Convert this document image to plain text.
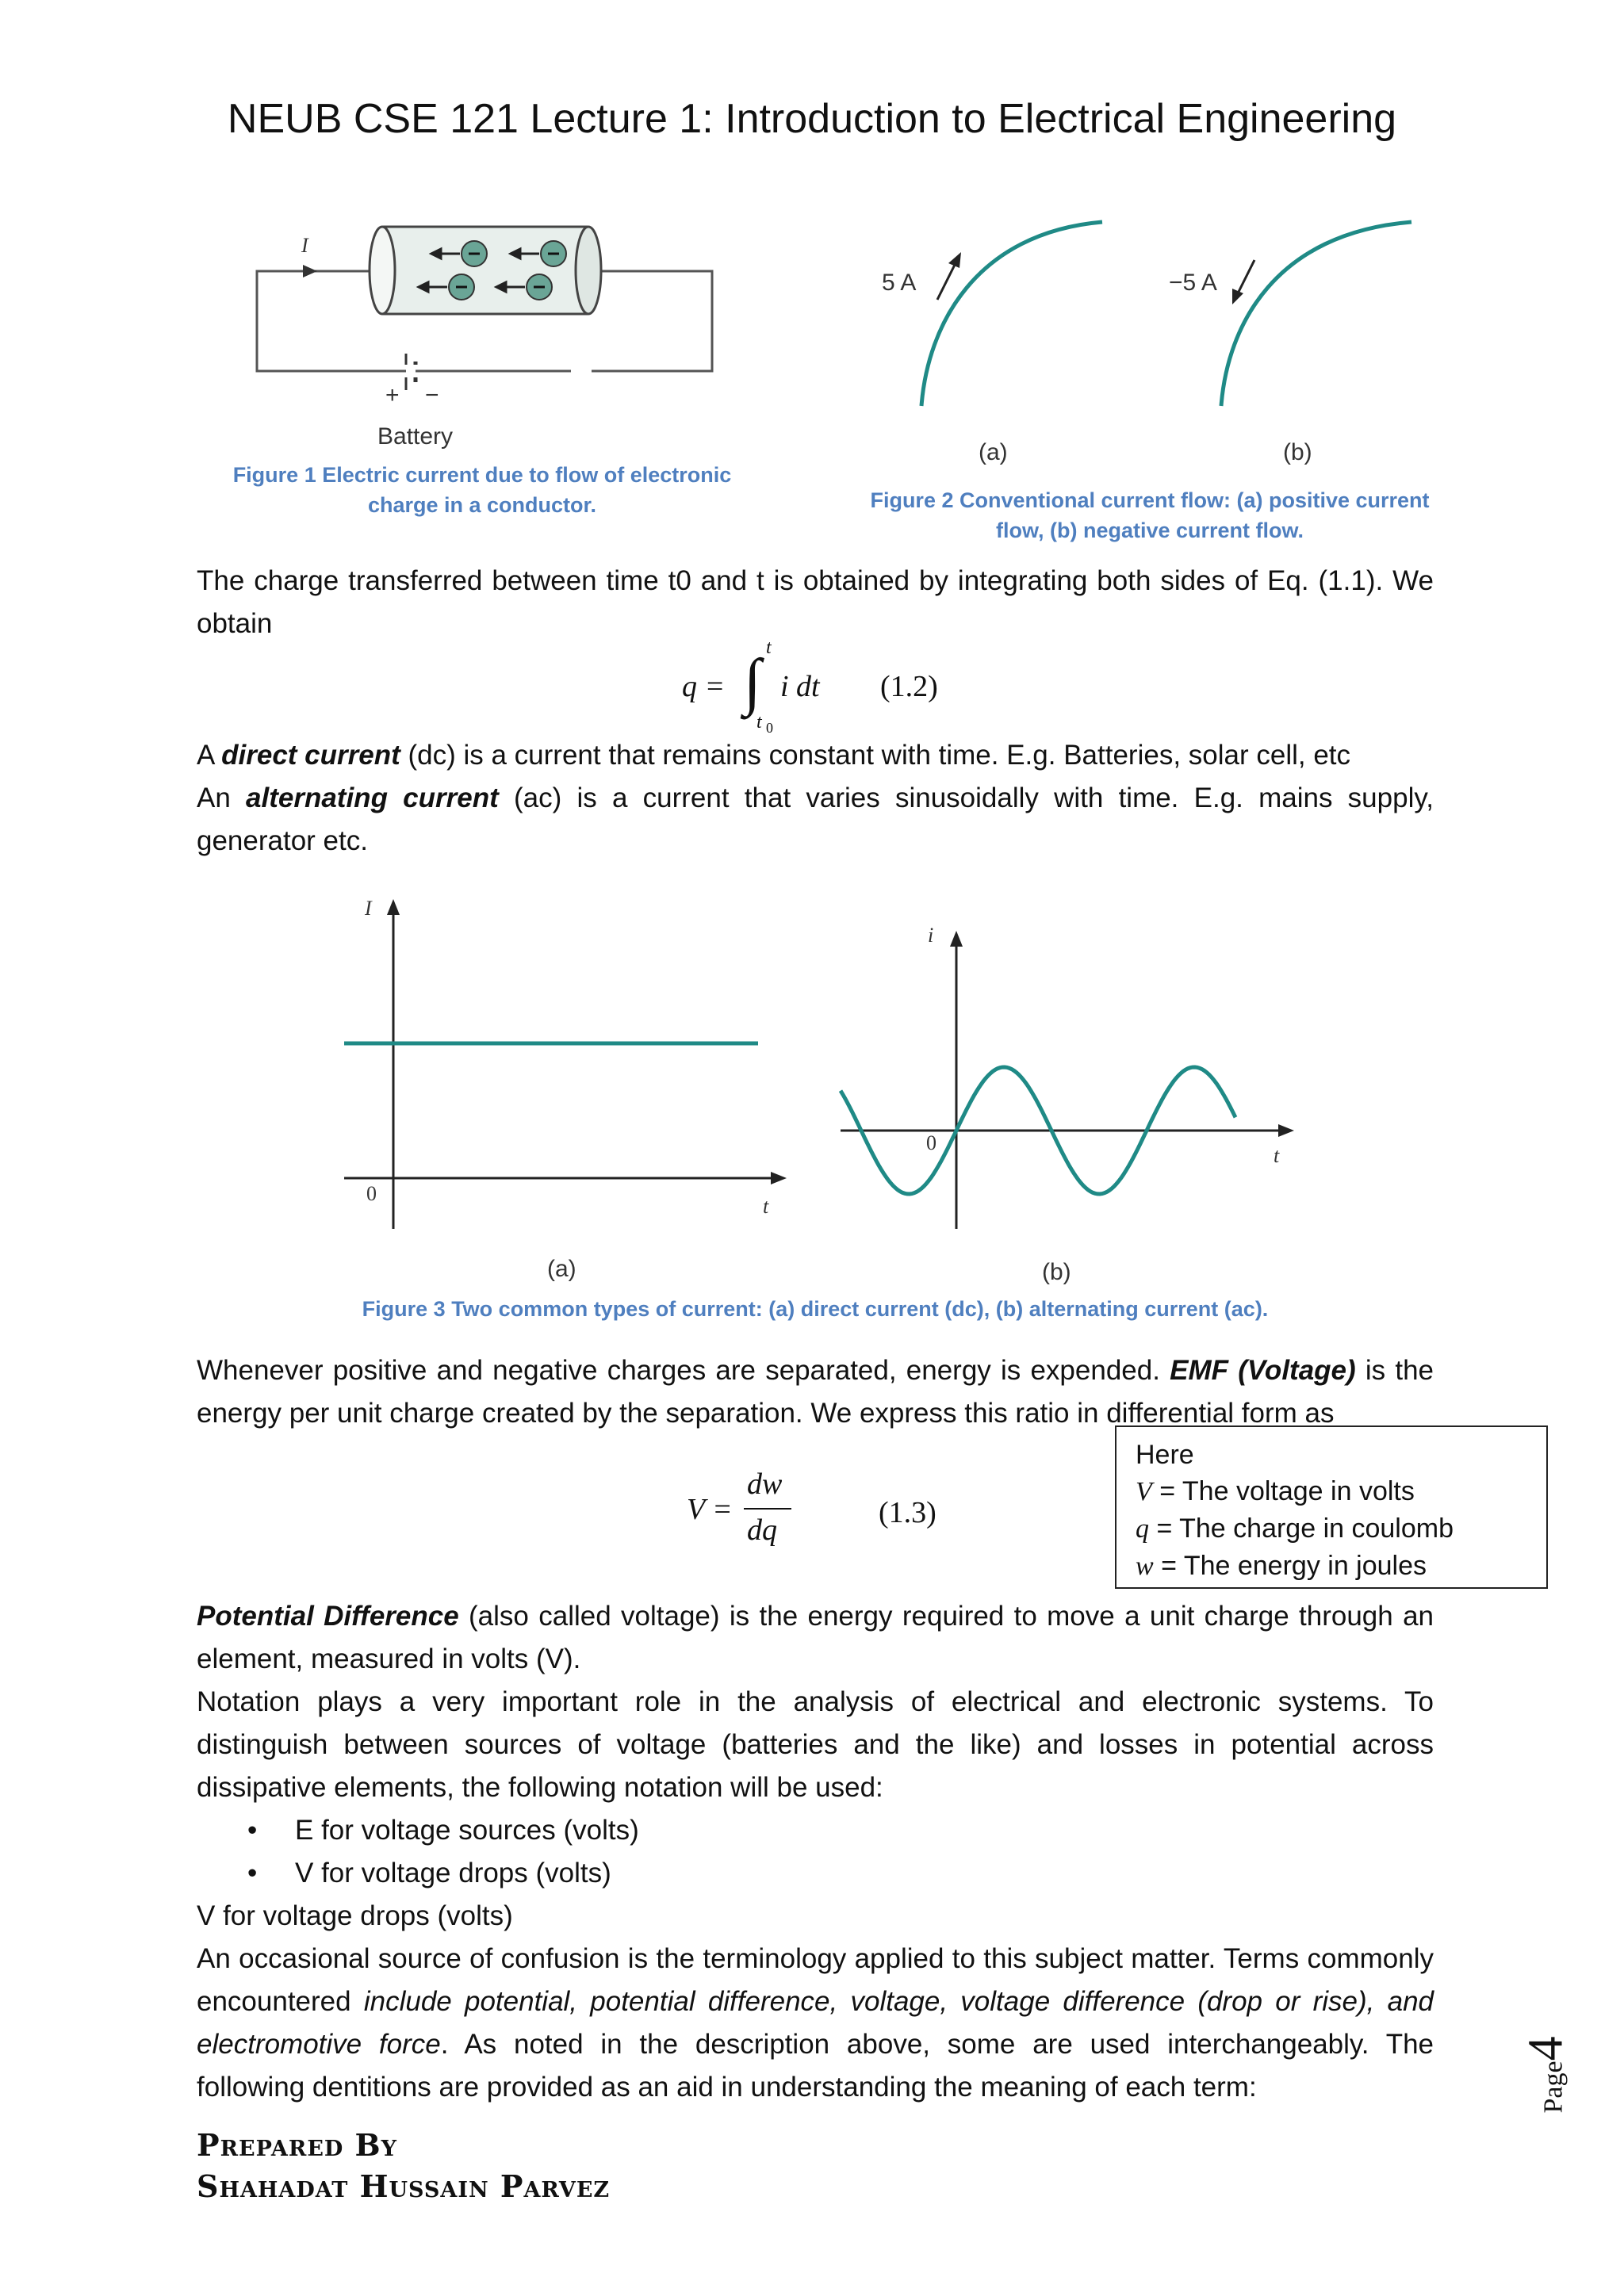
NEUB CSE 121 Lecture 1: Introduction to Electrical Engineering
I
+ −
Battery
Figure 1 Electric current due to flow of electronic charge in a conductor.
5 A	−5 A
(a)	(b)
Figure 2 Conventional current flow: (a) positive current flow, (b) negative current flow.
The charge transferred between time t0 and t is obtained by integrating both sides of Eq. (1.1). We obtain
q = ∫ t
t 0
i dt (1.2)
A direct current (dc) is a current that remains constant with time. E.g. Batteries, solar cell, etc
An alternating current (ac) is a current that varies sinusoidally with time. E.g. mains supply, generator etc.
I
0
t
(a)
i
0
t
(b)
Figure 3 Two common types of current: (a) direct current (dc), (b) alternating current (ac).
Whenever positive and negative charges are separated, energy is expended. EMF (Voltage) is the energy per unit charge created by the separation. We express this ratio in differential form as
V =
dw
dq
(1.3)
Here
V = The voltage in volts
q = The charge in coulomb
w = The energy in joules
Potential Difference (also called voltage) is the energy required to move a unit charge through an element, measured in volts (V).
Notation plays a very important role in the analysis of electrical and electronic systems. To distinguish between sources of voltage (batteries and the like) and losses in potential across dissipative elements, the following notation will be used:
• E for voltage sources (volts)
• V for voltage drops (volts)
V for voltage drops (volts)
An occasional source of confusion is the terminology applied to this subject matter. Terms commonly encountered include potential, potential difference, voltage, voltage difference (drop or rise), and electromotive force. As noted in the description above, some are used interchangeably. The following dentitions are provided as an aid in understanding the meaning of each term:
Prepared By
Shahadat Hussain Parvez
Page4
